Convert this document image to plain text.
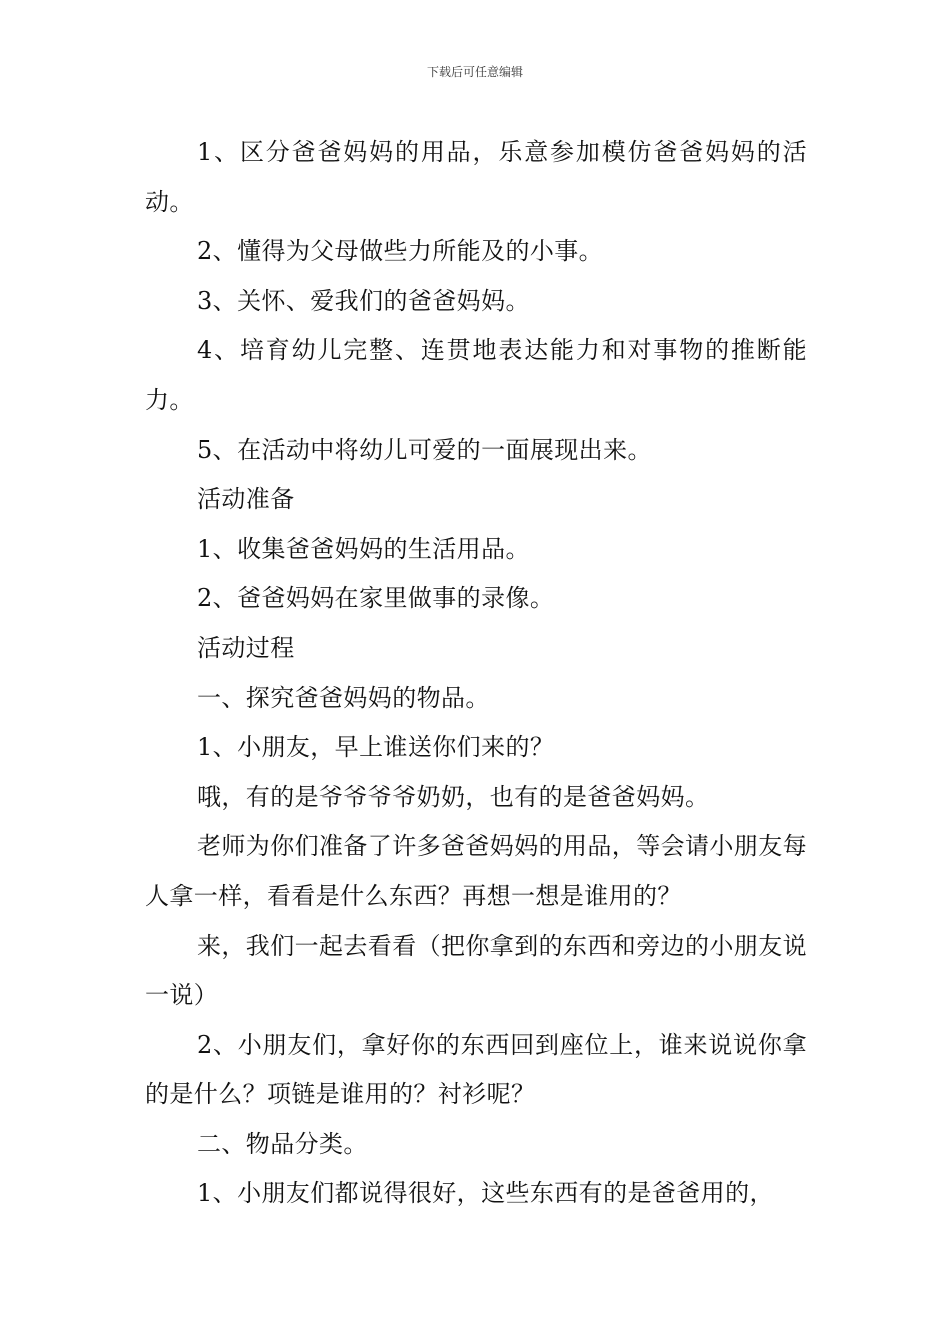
下载后可任意编辑

1、区分爸爸妈妈的用品，乐意参加模仿爸爸妈妈的活动。

2、懂得为父母做些力所能及的小事。

3、关怀、爱我们的爸爸妈妈。

4、培育幼儿完整、连贯地表达能力和对事物的推断能力。

5、在活动中将幼儿可爱的一面展现出来。

活动准备

1、收集爸爸妈妈的生活用品。

2、爸爸妈妈在家里做事的录像。

活动过程

一、探究爸爸妈妈的物品。

1、小朋友，早上谁送你们来的？

哦，有的是爷爷爷爷奶奶，也有的是爸爸妈妈。

老师为你们准备了许多爸爸妈妈的用品，等会请小朋友每人拿一样，看看是什么东西？再想一想是谁用的？

来，我们一起去看看（把你拿到的东西和旁边的小朋友说一说）

2、小朋友们，拿好你的东西回到座位上，谁来说说你拿的是什么？项链是谁用的？衬衫呢？

二、物品分类。

1、小朋友们都说得很好，这些东西有的是爸爸用的，
